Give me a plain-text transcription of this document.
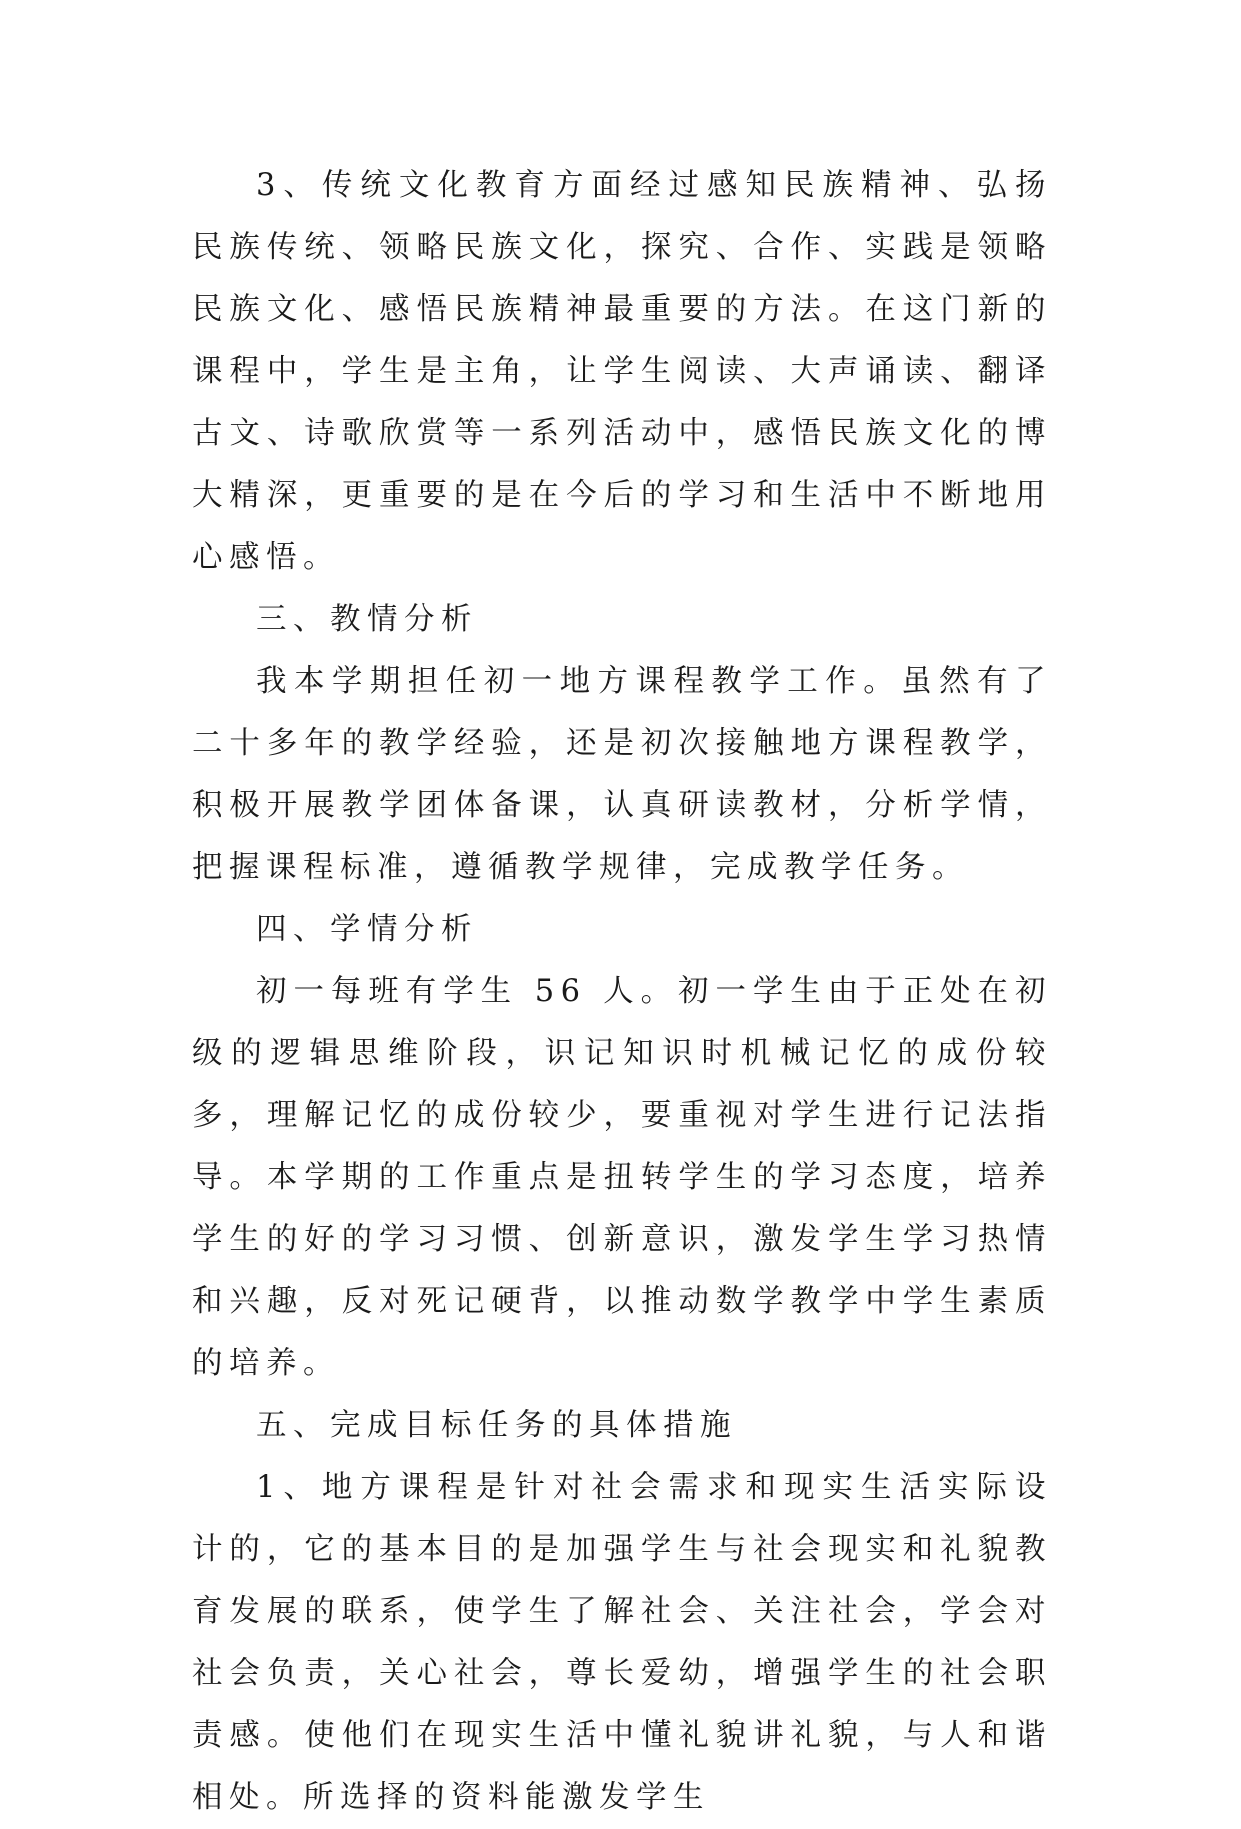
3、传统文化教育方面经过感知民族精神、弘扬民族传统、领略民族文化，探究、合作、实践是领略民族文化、感悟民族精神最重要的方法。在这门新的课程中，学生是主角，让学生阅读、大声诵读、翻译古文、诗歌欣赏等一系列活动中，感悟民族文化的博大精深，更重要的是在今后的学习和生活中不断地用心感悟。

三、教情分析

我本学期担任初一地方课程教学工作。虽然有了二十多年的教学经验，还是初次接触地方课程教学，积极开展教学团体备课，认真研读教材，分析学情，把握课程标准，遵循教学规律，完成教学任务。

四、学情分析

初一每班有学生 56 人。初一学生由于正处在初级的逻辑思维阶段，识记知识时机械记忆的成份较多，理解记忆的成份较少，要重视对学生进行记法指导。本学期的工作重点是扭转学生的学习态度，培养学生的好的学习习惯、创新意识，激发学生学习热情和兴趣，反对死记硬背，以推动数学教学中学生素质的培养。

五、完成目标任务的具体措施

1、地方课程是针对社会需求和现实生活实际设计的，它的基本目的是加强学生与社会现实和礼貌教育发展的联系，使学生了解社会、关注社会，学会对社会负责，关心社会，尊长爱幼，增强学生的社会职责感。使他们在现实生活中懂礼貌讲礼貌，与人和谐相处。所选择的资料能激发学生
